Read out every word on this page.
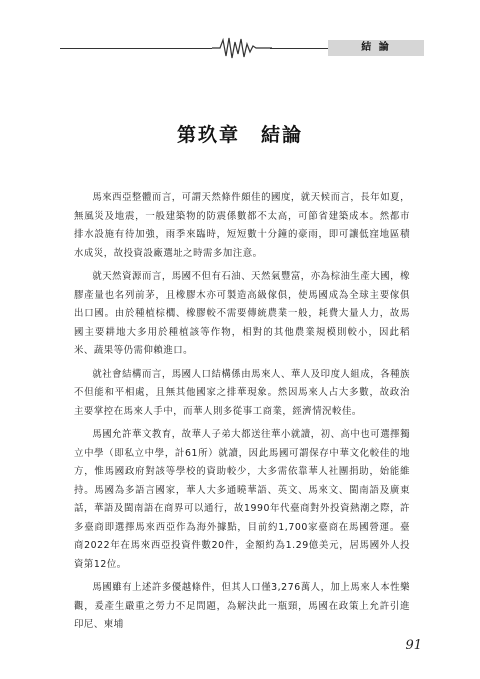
結 論
第玖章　結論

馬來西亞整體而言，可謂天然條件頗佳的國度，就天候而言，長年如夏，無風災及地震，一般建築物的防震係數都不太高，可節省建築成本。然都市排水設施有待加強，雨季來臨時，短短數十分鐘的豪雨，即可讓低窪地區積水成災，故投資設廠選址之時需多加注意。

就天然資源而言，馬國不但有石油、天然氣豐富，亦為棕油生產大國，橡膠產量也名列前茅，且橡膠木亦可製造高級傢俱，使馬國成為全球主要傢俱出口國。由於種植棕櫚、橡膠較不需要傳統農業一般，耗費大量人力，故馬國主要耕地大多用於種植該等作物，相對的其他農業規模則較小，因此稻米、蔬果等仍需仰賴進口。

就社會結構而言，馬國人口結構係由馬來人、華人及印度人組成，各種族不但能和平相處，且無其他國家之排華現象。然因馬來人占大多數，故政治主要掌控在馬來人手中，而華人則多從事工商業，經濟情況較佳。

馬國允許華文教育，故華人子弟大都送往華小就讀，初、高中也可選擇獨立中學（即私立中學，計61所）就讀，因此馬國可謂保存中華文化較佳的地方，惟馬國政府對該等學校的資助較少，大多需依靠華人社團捐助，始能維持。馬國為多語言國家，華人大多通曉華語、英文、馬來文、閩南語及廣東話，華語及閩南語在商界可以通行，故1990年代臺商對外投資熱潮之際，許多臺商即選擇馬來西亞作為海外據點，目前約1,700家臺商在馬國營運。臺商2022年在馬來西亞投資件數20件，金額約為1.29億美元，居馬國外人投資第12位。

馬國雖有上述許多優越條件，但其人口僅3,276萬人，加上馬來人本性樂觀，爰產生嚴重之勞力不足問題，為解決此一瓶頸，馬國在政策上允許引進印尼、柬埔

91
